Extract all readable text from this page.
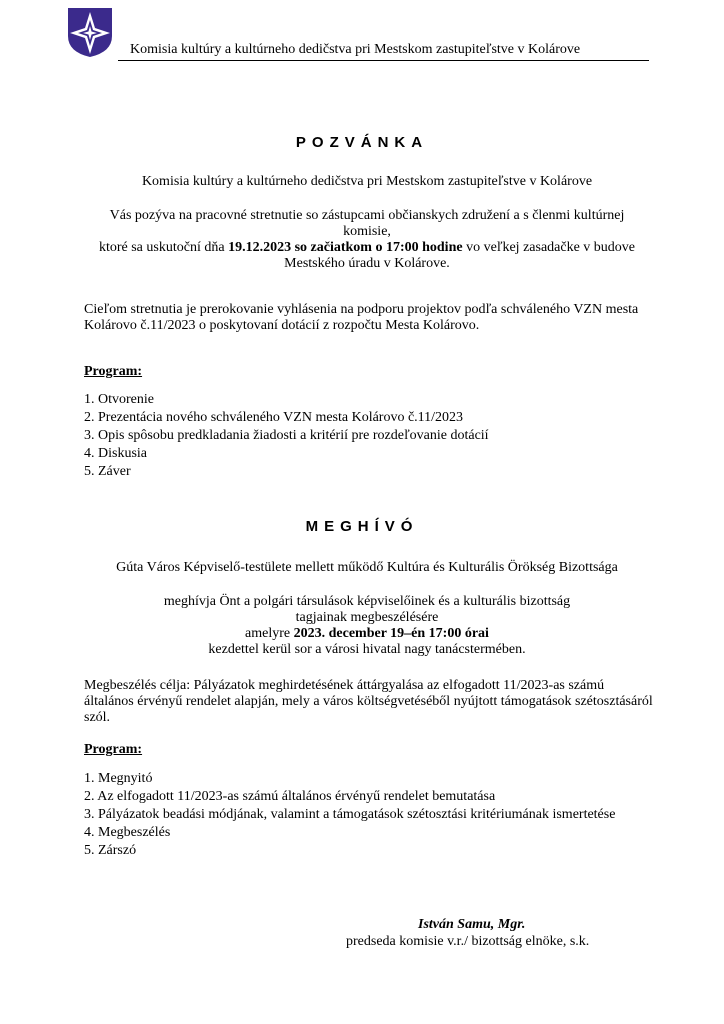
Komisia kultúry a kultúrneho dedičstva pri Mestskom zastupiteľstve v Kolárove
POZVÁNKA
Komisia kultúry a kultúrneho dedičstva pri Mestskom zastupiteľstve v Kolárove
Vás pozýva na pracovné stretnutie so zástupcami občianskych združení a s členmi kultúrnej komisie,
ktoré sa uskutoční dňa 19.12.2023 so začiatkom o 17:00 hodine vo veľkej zasadačke v budove Mestského úradu v Kolárove.
Cieľom stretnutia je prerokovanie vyhlásenia na podporu projektov podľa schváleného VZN mesta Kolárovo č.11/2023 o poskytovaní dotácií z rozpočtu Mesta Kolárovo.
Program:
1. Otvorenie
2. Prezentácia nového schváleného VZN mesta Kolárovo č.11/2023
3. Opis spôsobu predkladania žiadosti a kritérií pre rozdeľovanie dotácií
4. Diskusia
5. Záver
MEGHÍVÓ
Gúta Város Képviselő-testülete mellett működő Kultúra és Kulturális Örökség Bizottsága
meghívja Önt a polgári társulások képviselőinek és a kulturális bizottság tagjainak megbeszélésére
amelyre 2023. december 19–én 17:00 órai
kezdettel kerül sor a városi hivatal nagy tanácstermében.
Megbeszélés célja: Pályázatok meghirdetésének áttárgyalása az elfogadott 11/2023-as számú általános érvényű rendelet alapján, mely a város költségvetéséből nyújtott támogatások szétosztásáról szól.
Program:
1. Megnyitó
2. Az elfogadott 11/2023-as számú általános érvényű rendelet bemutatása
3. Pályázatok beadási módjának, valamint a támogatások szétosztási kritériumának ismertetése
4. Megbeszélés
5. Zárszó
István Samu, Mgr.
predseda komisie v.r./ bizottság elnöke, s.k.
